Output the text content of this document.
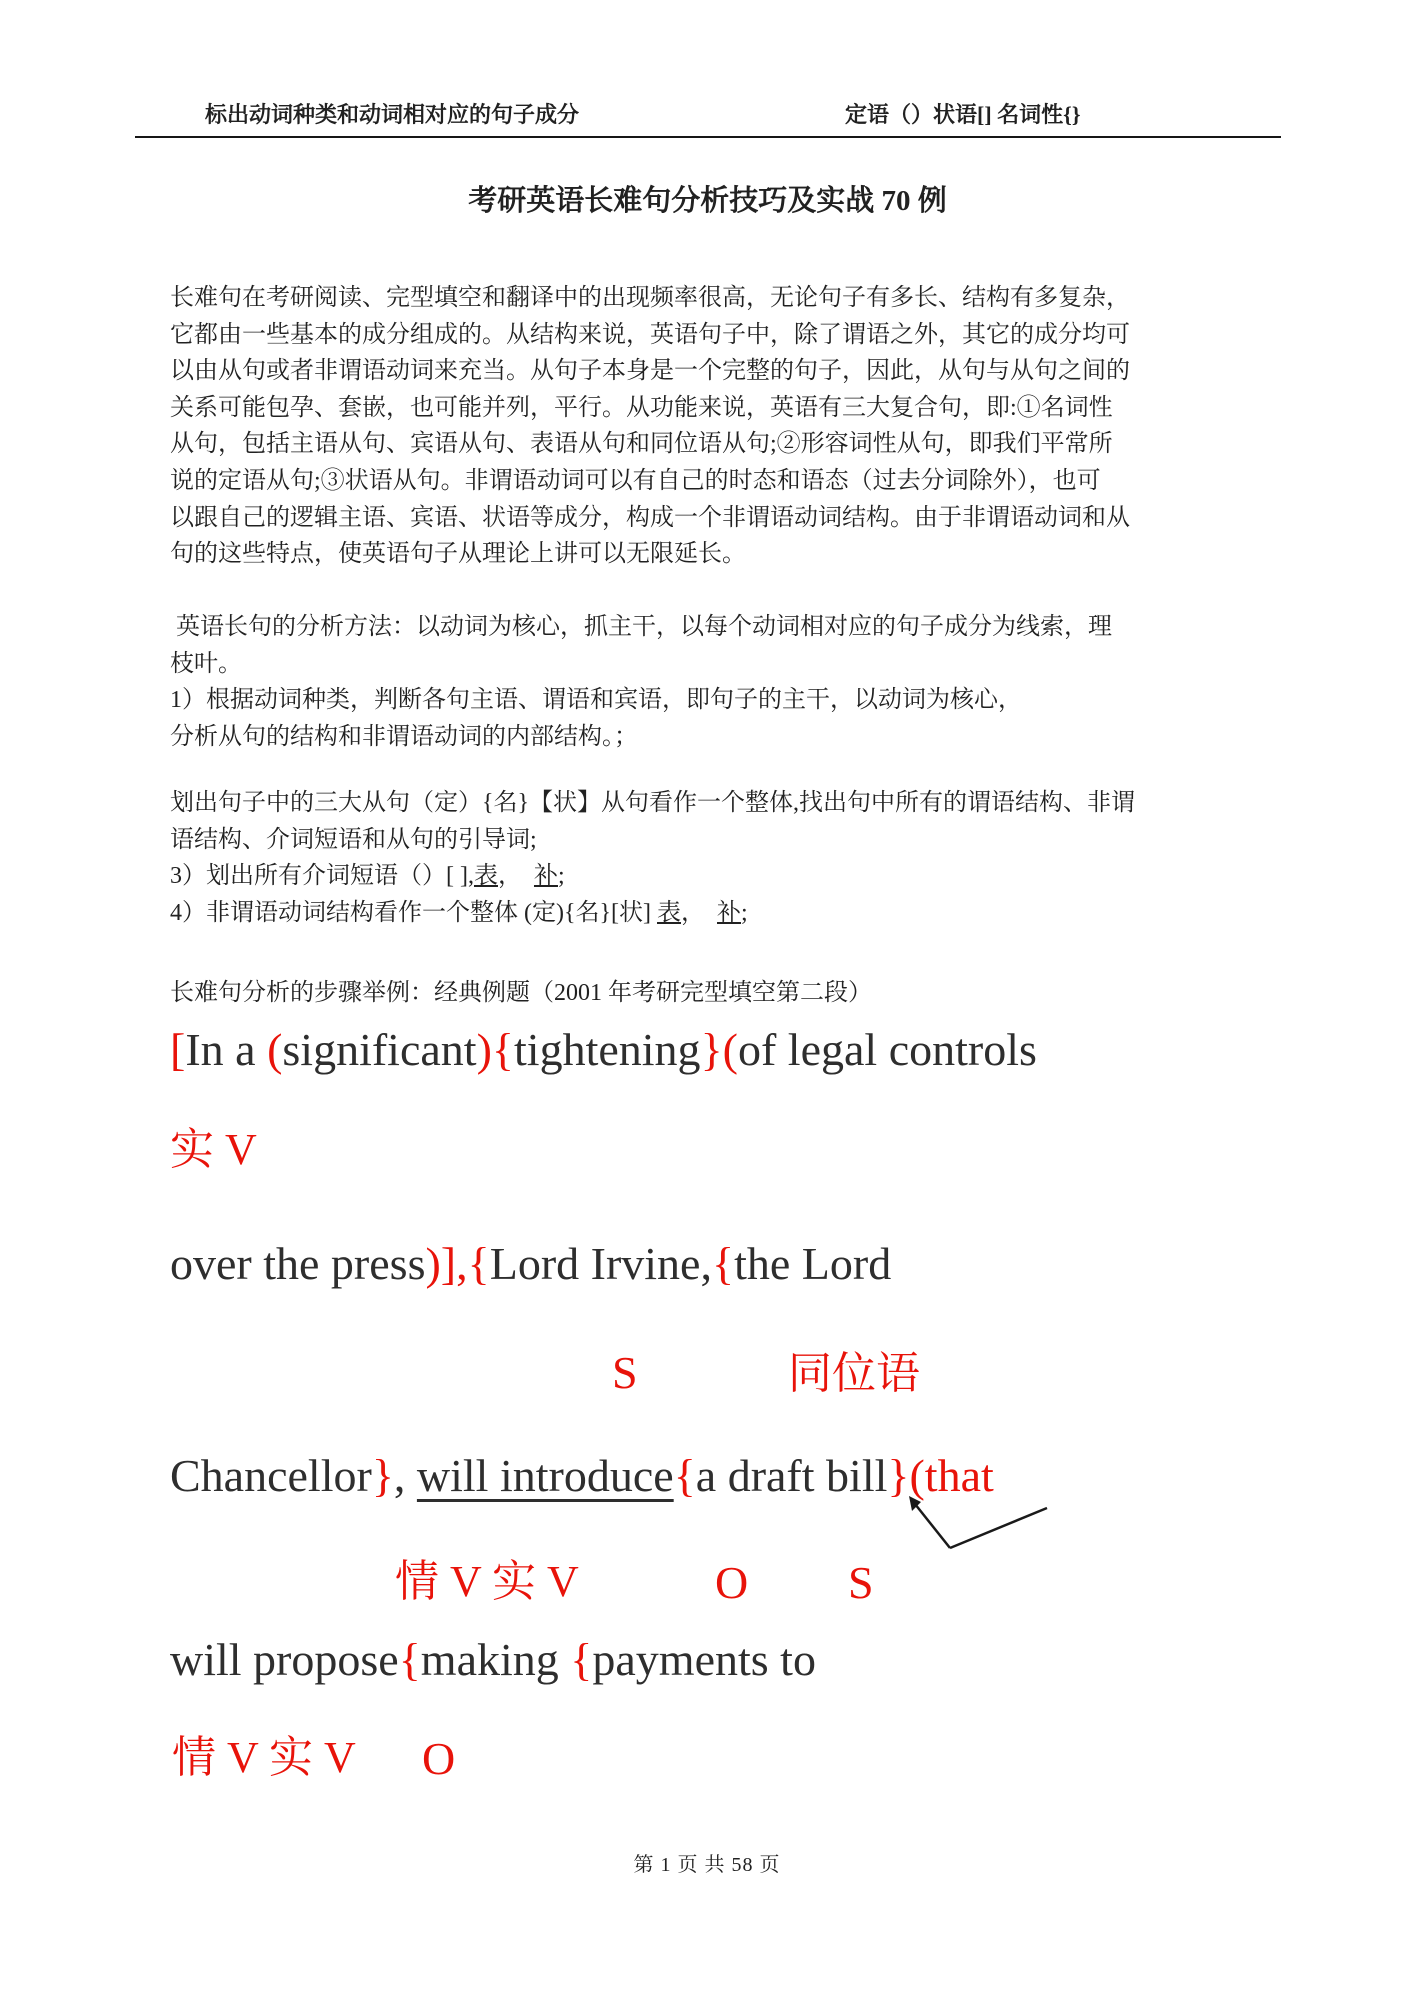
标出动词种类和动词相对应的句子成分	定语（）状语[] 名词性{}
考研英语长难句分析技巧及实战 70 例
长难句在考研阅读、完型填空和翻译中的出现频率很高，无论句子有多长、结构有多复杂，
它都由一些基本的成分组成的。从结构来说，英语句子中，除了谓语之外，其它的成分均可
以由从句或者非谓语动词来充当。从句子本身是一个完整的句子，因此，从句与从句之间的
关系可能包孕、套嵌，也可能并列，平行。从功能来说，英语有三大复合句，即:①名词性
从句，包括主语从句、宾语从句、表语从句和同位语从句;②形容词性从句，即我们平常所
说的定语从句;③状语从句。非谓语动词可以有自己的时态和语态（过去分词除外），也可
以跟自己的逻辑主语、宾语、状语等成分，构成一个非谓语动词结构。由于非谓语动词和从
句的这些特点，使英语句子从理论上讲可以无限延长。
英语长句的分析方法：以动词为核心，抓主干，以每个动词相对应的句子成分为线索，理
枝叶。
1）根据动词种类，判断各句主语、谓语和宾语，即句子的主干，以动词为核心，
分析从句的结构和非谓语动词的内部结构。；
划出句子中的三大从句（定）{名}【状】从句看作一个整体,找出句中所有的谓语结构、非谓
语结构、介词短语和从句的引导词;
3）划出所有介词短语（）[ ],表，  补;
4）非谓语动词结构看作一个整体 (定){名}[状] 表，  补;
长难句分析的步骤举例：经典例题（2001 年考研完型填空第二段）
[In a (significant){tightening}(of legal controls
实 V
over the press)],{Lord Irvine,{the Lord
S	同位语
Chancellor}, will introduce{a draft bill}(that
情 V 实 V	O S
will propose{making {payments to
情 V 实 V O
第 1 页 共 58 页
